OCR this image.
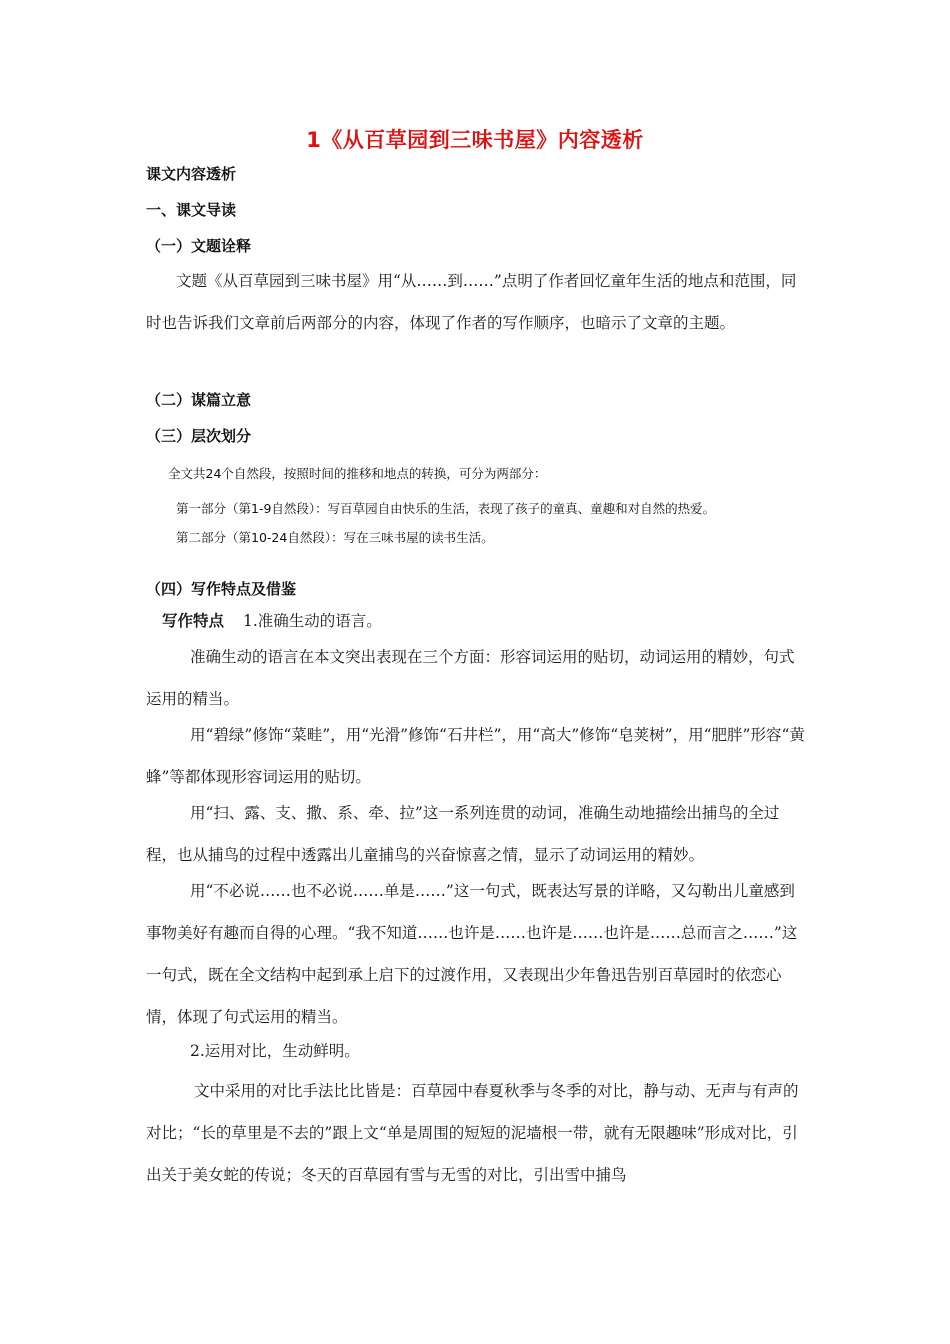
1《从百草园到三味书屋》内容透析
课文内容透析
一、课文导读
（一）文题诠释
文题《从百草园到三味书屋》用“从……到……”点明了作者回忆童年生活的地点和范围，同时也告诉我们文章前后两部分的内容，体现了作者的写作顺序，也暗示了文章的主题。
（二）谋篇立意
（三）层次划分
全文共24个自然段，按照时间的推移和地点的转换，可分为两部分：
第一部分（第1-9自然段）：写百草园自由快乐的生活，表现了孩子的童真、童趣和对自然的热爱。
第二部分（第10-24自然段）：写在三味书屋的读书生活。
（四）写作特点及借鉴
写作特点 1.准确生动的语言。
准确生动的语言在本文突出表现在三个方面：形容词运用的贴切，动词运用的精妙，句式运用的精当。
用“碧绿”修饰“菜畦”，用“光滑”修饰“石井栏”，用“高大”修饰“皂荚树”，用“肥胖”形容“黄蜂”等都体现形容词运用的贴切。
用“扫、露、支、撒、系、牵、拉”这一系列连贯的动词，准确生动地描绘出捕鸟的全过程，也从捕鸟的过程中透露出儿童捕鸟的兴奋惊喜之情，显示了动词运用的精妙。
用“不必说……也不必说……单是……”这一句式，既表达写景的详略，又勾勒出儿童感到事物美好有趣而自得的心理。“我不知道……也许是……也许是……也许是……总而言之……”这一句式，既在全文结构中起到承上启下的过渡作用，又表现出少年鲁迅告别百草园时的依恋心情，体现了句式运用的精当。
2.运用对比，生动鲜明。
文中采用的对比手法比比皆是：百草园中春夏秋季与冬季的对比，静与动、无声与有声的对比；“长的草里是不去的”跟上文“单是周围的短短的泥墙根一带，就有无限趣味”形成对比，引出关于美女蛇的传说；冬天的百草园有雪与无雪的对比，引出雪中捕鸟
